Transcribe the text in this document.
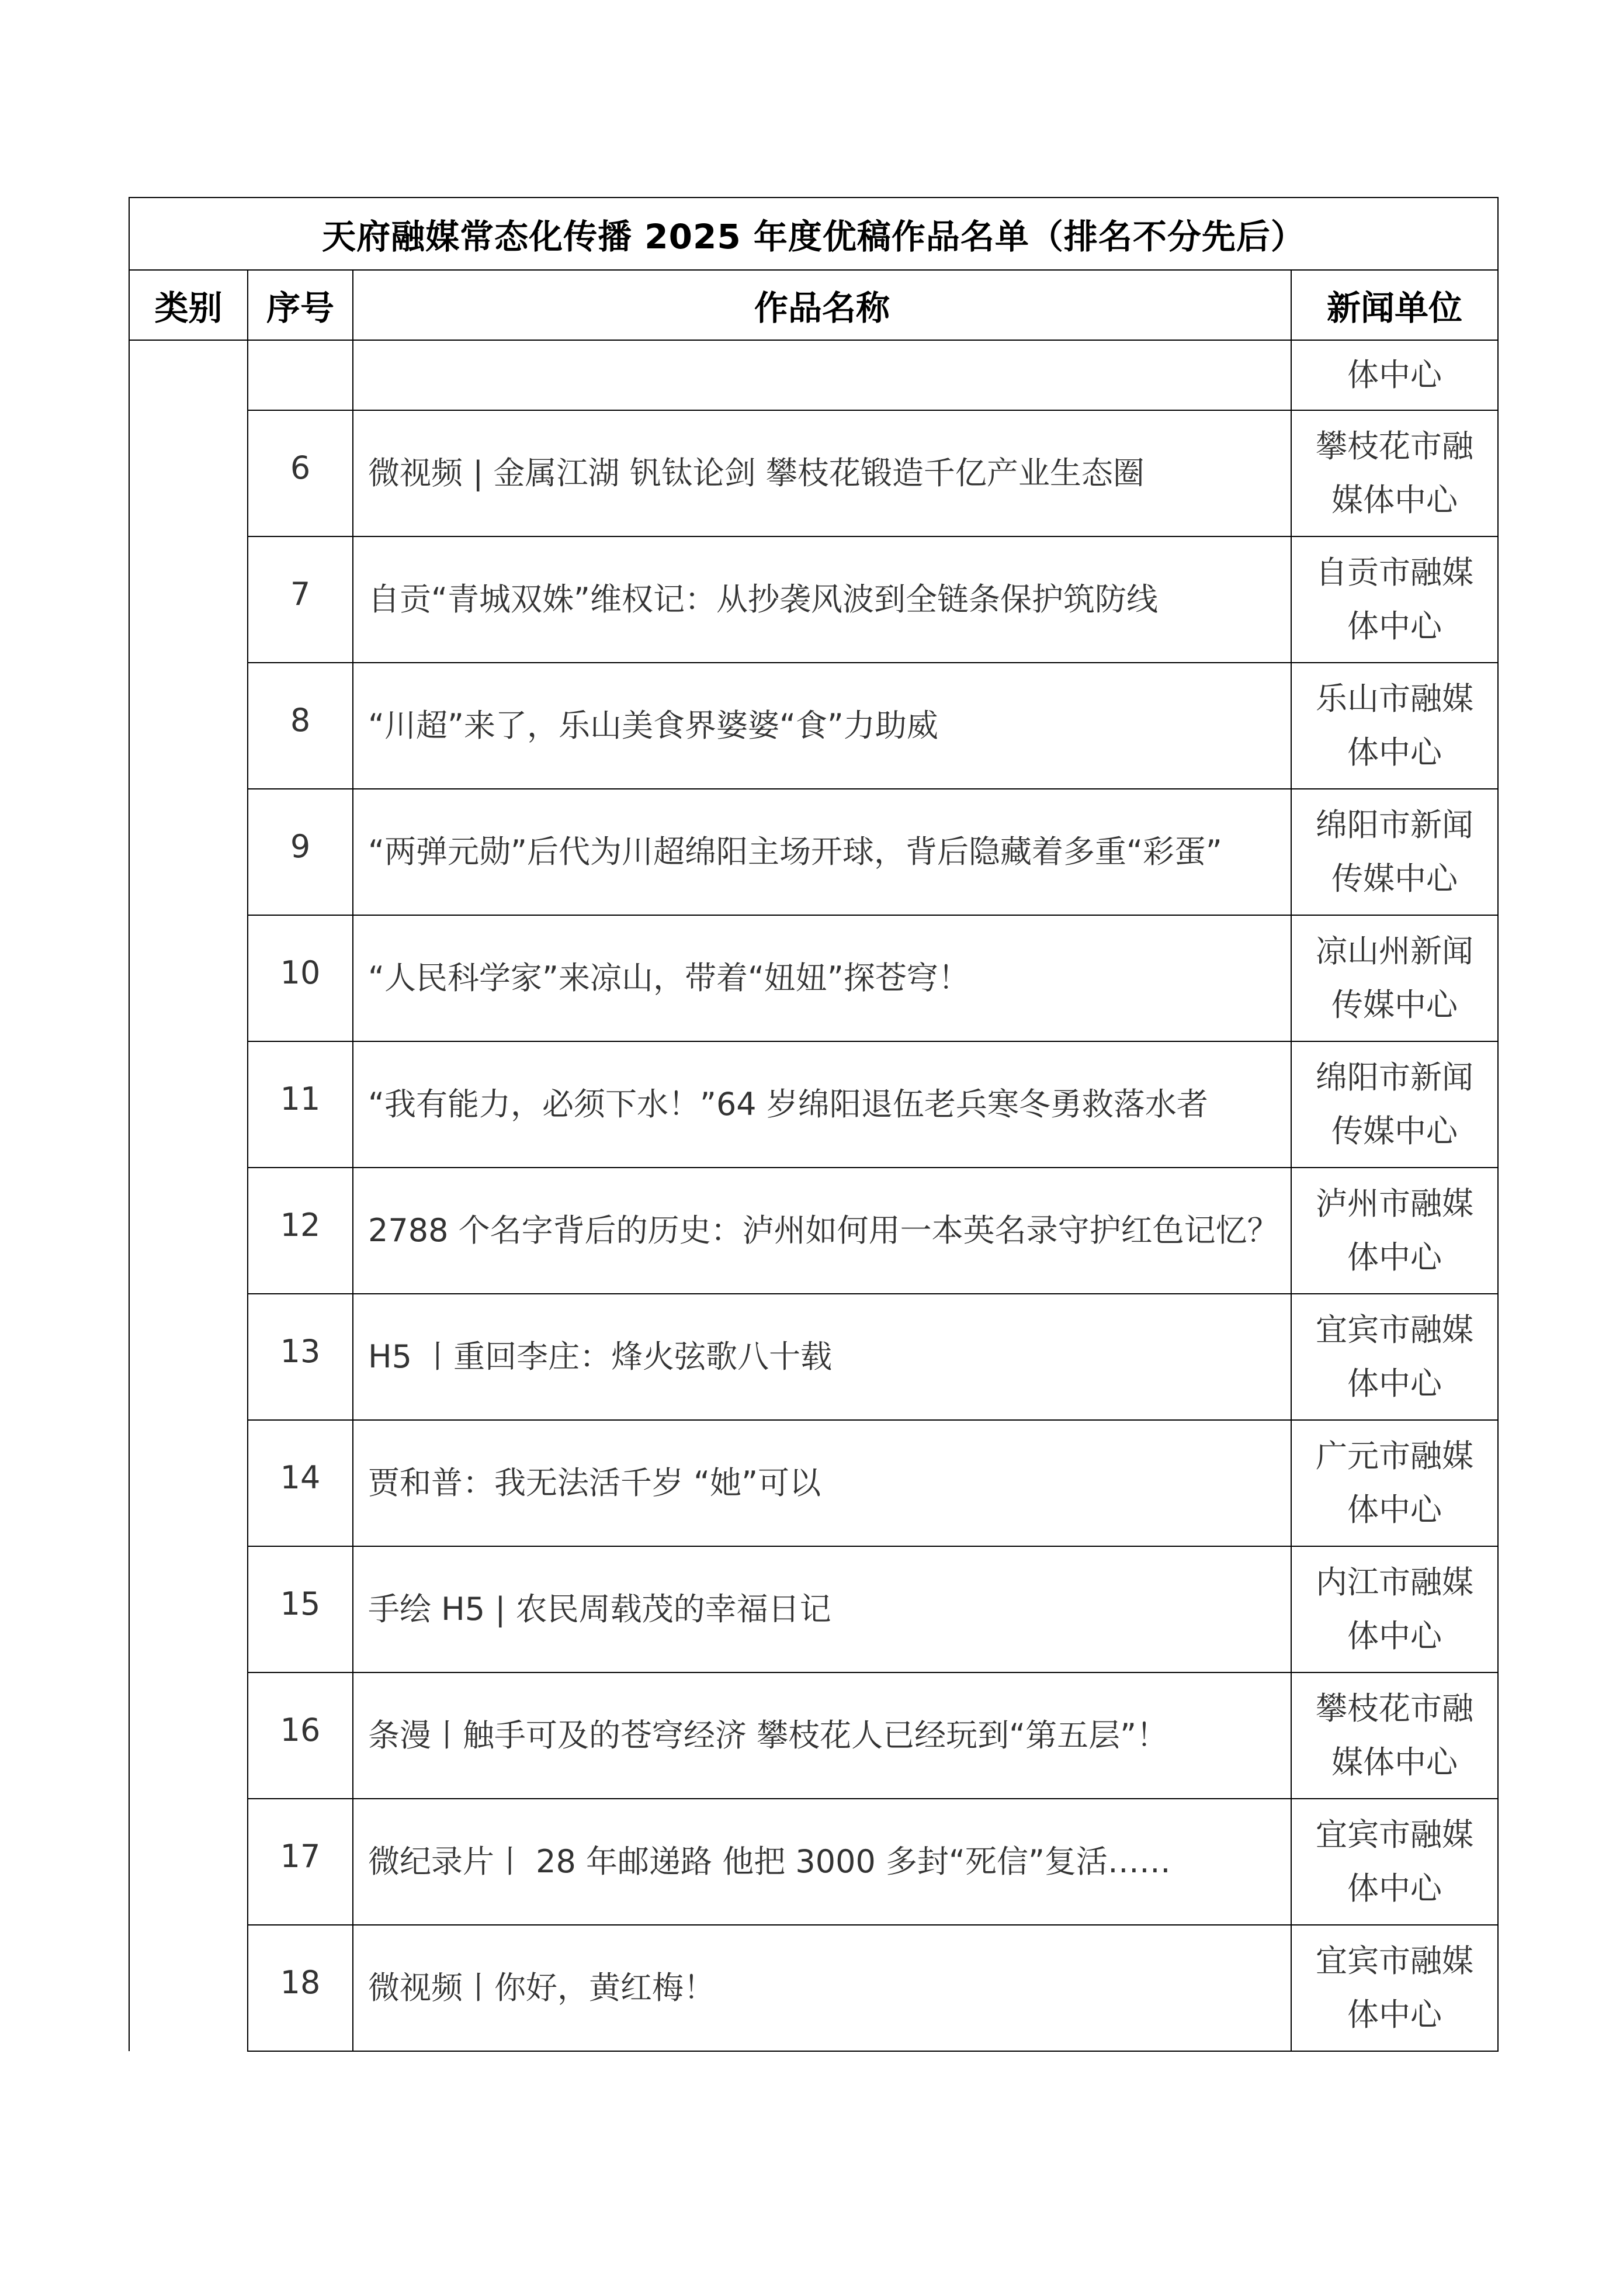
天府融媒常态化传播 2025 年度优稿作品名单（排名不分先后）			
类别	序号	作品名称	新闻单位
			体中心
	6	微视频 | 金属江湖 钒钛论剑 攀枝花锻造千亿产业生态圈	攀枝花市融媒体中心
	7	自贡“青城双姝”维权记：从抄袭风波到全链条保护筑防线	自贡市融媒体中心
	8	“川超”来了，乐山美食界婆婆“食”力助威	乐山市融媒体中心
	9	“两弹元勋”后代为川超绵阳主场开球，背后隐藏着多重“彩蛋”	绵阳市新闻传媒中心
	10	“人民科学家”来凉山，带着“妞妞”探苍穹！	凉山州新闻传媒中心
	11	“我有能力，必须下水！”64 岁绵阳退伍老兵寒冬勇救落水者	绵阳市新闻传媒中心
	12	2788 个名字背后的历史：泸州如何用一本英名录守护红色记忆？	泸州市融媒体中心
	13	H5 丨重回李庄：烽火弦歌八十载	宜宾市融媒体中心
	14	贾和普：我无法活千岁 “她”可以	广元市融媒体中心
	15	手绘 H5 | 农民周载茂的幸福日记	内江市融媒体中心
	16	条漫丨触手可及的苍穹经济 攀枝花人已经玩到“第五层”！	攀枝花市融媒体中心
	17	微纪录片丨 28 年邮递路 他把 3000 多封“死信”复活……	宜宾市融媒体中心
	18	微视频丨你好，黄红梅！	宜宾市融媒体中心
